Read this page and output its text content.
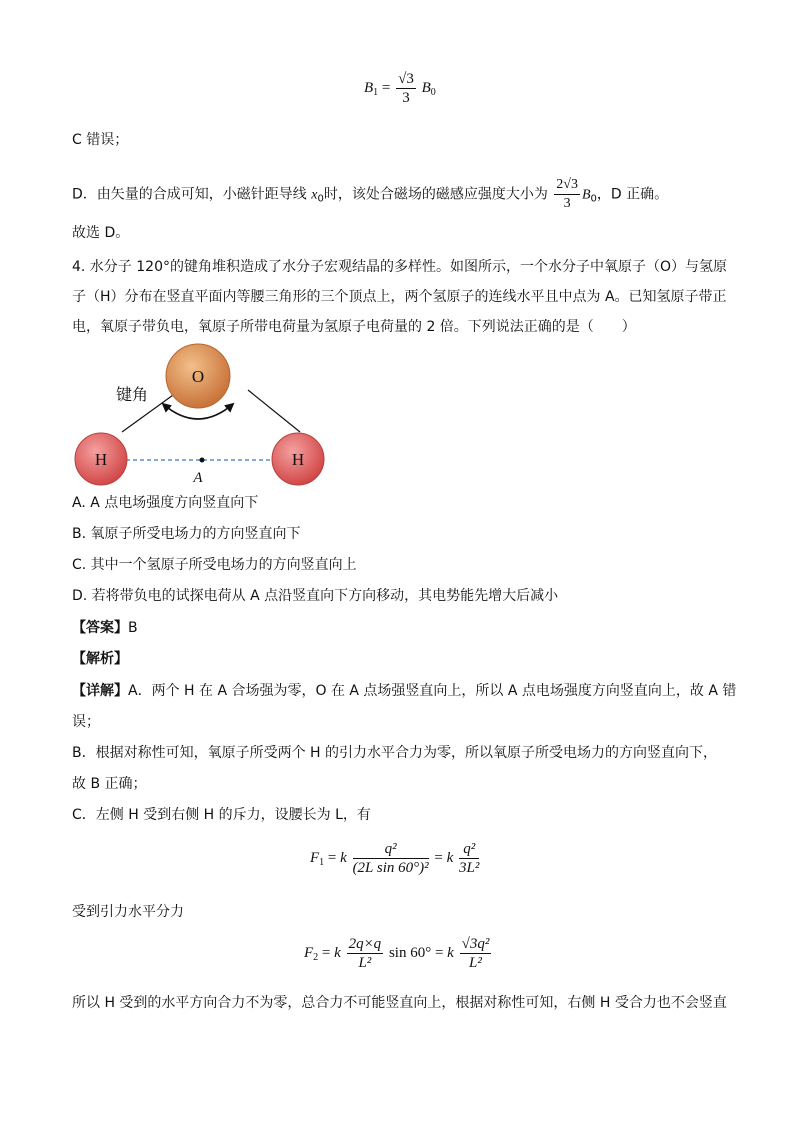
$B_1 = \frac{√3}{3} B_0$
C 错误；
D．由矢量的合成可知，小磁针距导线 $x_0$时，该处合磁场的磁感应强度大小为 $\frac{2√3}{3} B_0$，D 正确。
故选 D。
4. 水分子 120°的键角堆积造成了水分子宏观结晶的多样性。如图所示，一个水分子中氧原子（O）与氢原
子（H）分布在竖直平面内等腰三角形的三个顶点上，两个氢原子的连线水平且中点为 A。已知氢原子带正
电，氧原子带负电，氧原子所带电荷量为氢原子电荷量的 2 倍。下列说法正确的是（　　）
O
H	H
键角
A
A. A 点电场强度方向竖直向下
B. 氧原子所受电场力的方向竖直向下
C. 其中一个氢原子所受电场力的方向竖直向上
D. 若将带负电的试探电荷从 A 点沿竖直向下方向移动，其电势能先增大后减小
【答案】B
【解析】
【详解】A．两个 H 在 A 合场强为零，O 在 A 点场强竖直向上，所以 A 点电场强度方向竖直向上，故 A 错
误；
B．根据对称性可知，氧原子所受两个 H 的引力水平合力为零，所以氧原子所受电场力的方向竖直向下，
故 B 正确；
C．左侧 H 受到右侧 H 的斥力，设腰长为 L，有
$F_1 = k \frac{\text{q²}}{\text{(2L sin 60°)²}} = k \frac{\text{q²}}{\text{3L²}}$
受到引力水平分力
$F_2 = k \frac{2q\times q}{\text{L²}}$ sin 60° = k $\frac{\text{√3q²}}{\text{L²}}$
所以 H 受到的水平方向合力不为零，总合力不可能竖直向上，根据对称性可知，右侧 H 受合力也不会竖直
